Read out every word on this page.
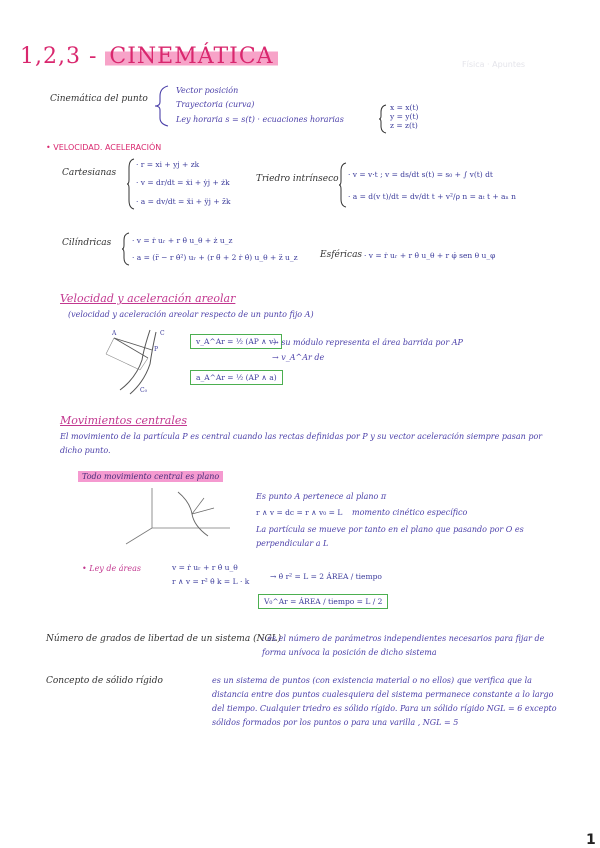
1,2,3 - CINEMÁTICA	Física · Apuntes
Cinemática del punto
Vector posición
Trayectoria (curva)
Ley horaria s = s(t) · ecuaciones horarias
x = x(t)
y = y(t)
z = z(t)
• VELOCIDAD. ACELERACIÓN
Cartesianas
· r = xi + yj + zk
· v = dr/dt = ẋi + ẏj + żk
· a = dv/dt = ẍi + ÿj + z̈k
Triedro intrínseco · v = v·t ; v = ds/dt s(t) = s₀ + ∫ v(t) dt
· a = d(v t)/dt = dv/dt t + v²/ρ n = aₜ t + aₙ n
Cilíndricas	· v = ṙ uᵣ + r θ̇ u_θ + ż u_z
· a = (r̈ − r θ̇²) uᵣ + (r θ̈ + 2 ṙ θ̇) u_θ + z̈ u_z Esféricas · v = ṙ uᵣ + r θ̇ u_θ + r φ̇ sen θ u_φ
Velocidad y aceleración areolar
(velocidad y aceleración areolar respecto de un punto fijo A)
A
P
C
C₀
v_A^Ar = ½ (AP ∧ v)
→ su módulo representa el área barrida por AP
→ v_A^Ar de
a_A^Ar = ½ (AP ∧ a)
Movimientos centrales
El movimiento de la partícula P es central cuando las rectas definidas por P y su vector aceleración siempre pasan por dicho punto.
Todo movimiento central es plano
Es punto A pertenece al plano π
r ∧ v = dc = r ∧ v₀ = L momento cinético específico
La partícula se mueve por tanto en el plano que pasando por O es perpendicular a L
• Ley de áreas	v = ṙ uᵣ + r θ̇ u_θ
r ∧ v = r² θ̇ k = L · k
→ θ̇ r² = L = 2 ÁREA / tiempo
V₀^Ar = ÁREA / tiempo = L / 2
Número de grados de libertad de un sistema (NGL)
: es el número de parámetros independientes necesarios para fijar de forma unívoca la posición de dicho sistema
Concepto de sólido rígido	es un sistema de puntos (con existencia material o no ellos) que verifica que la distancia entre dos puntos cualesquiera del sistema permanece constante a lo largo del tiempo. Cualquier triedro es sólido rígido. Para un sólido rígido NGL = 6 excepto sólidos formados por los puntos o para una varilla , NGL = 5
1
